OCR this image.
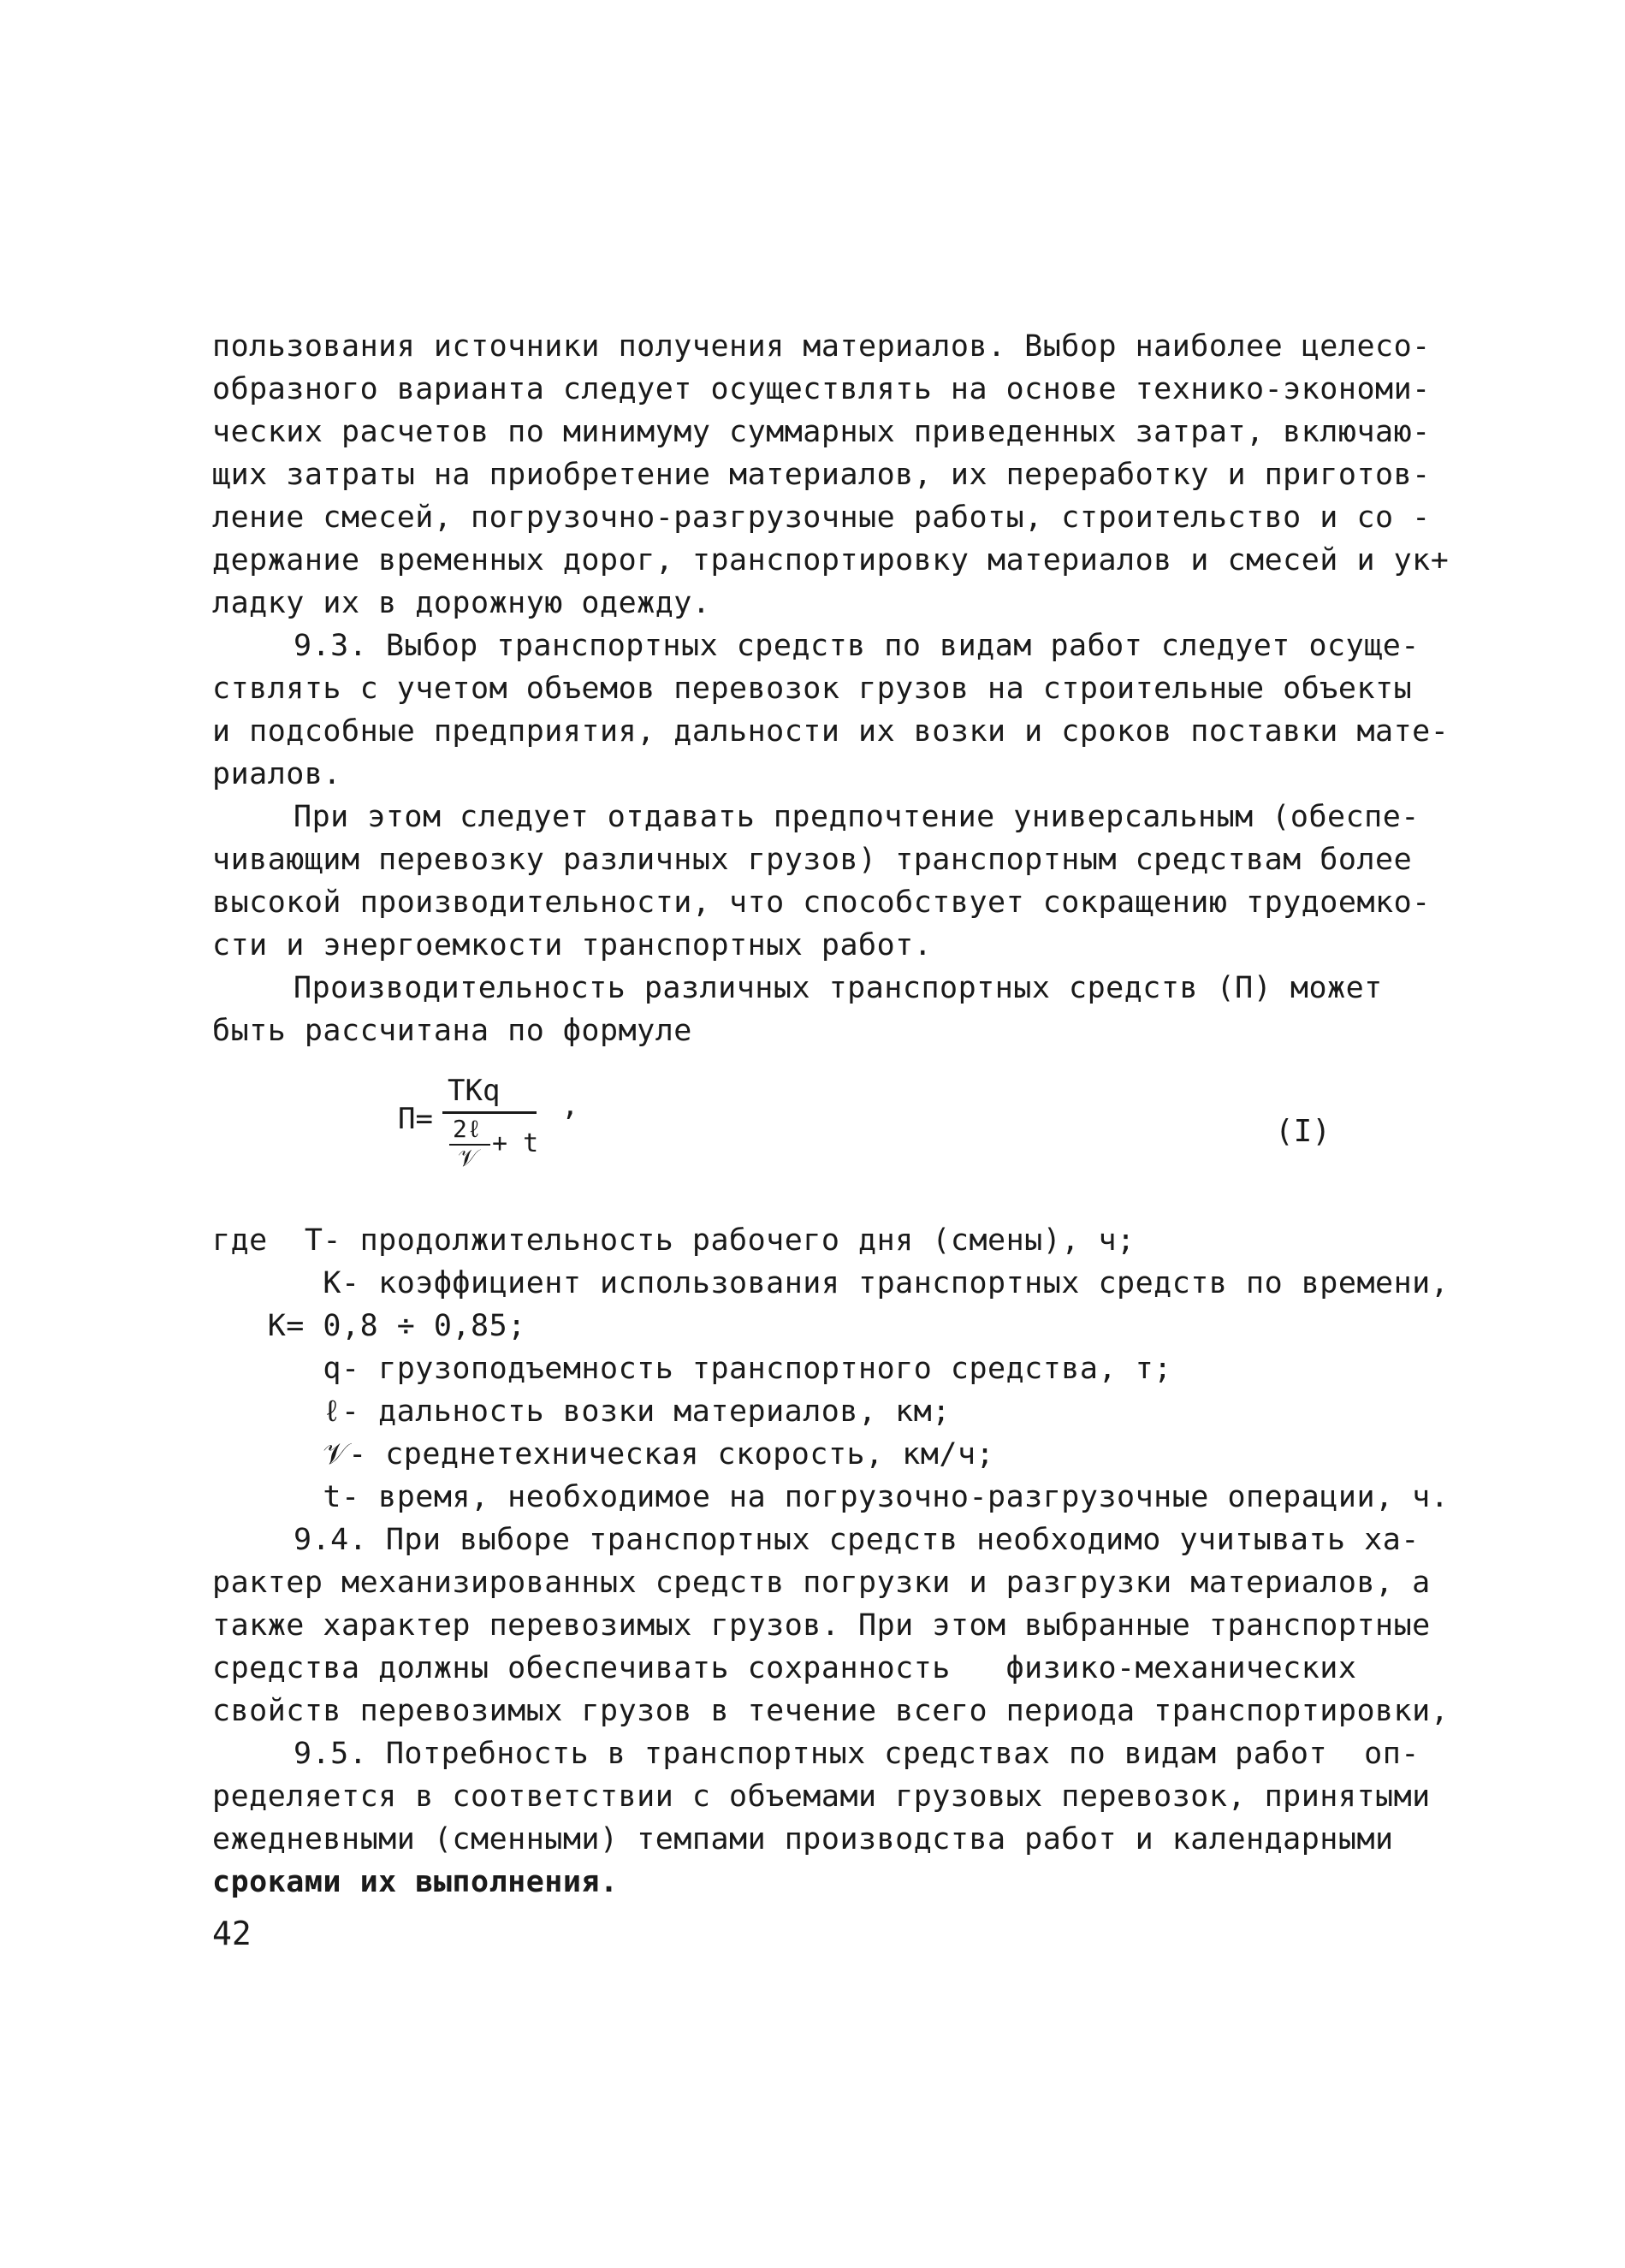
пользования источники получения материалов. Выбор наиболее целесо-
образного варианта следует осуществлять на основе технико-экономи-
ческих расчетов по минимуму суммарных приведенных затрат, включаю-
щих затраты на приобретение материалов, их переработку и приготов-
ление смесей, погрузочно-разгрузочные работы, строительство и со -
держание временных дорог, транспортировку материалов и смесей и ук+
ладку их в дорожную одежду.
9.3. Выбор транспортных средств по видам работ следует осуще-
ствлять с учетом объемов перевозок грузов на строительные объекты
и подсобные предприятия, дальности их возки и сроков поставки мате-
риалов.
При этом следует отдавать предпочтение универсальным (обеспе-
чивающим перевозку различных грузов) транспортным средствам более
высокой производительности, что способствует сокращению трудоемко-
сти и энергоемкости транспортных работ.
Производительность различных транспортных средств (П) может
быть рассчитана по формуле
П=
TKq
2ℓ
𝒱 + t
,
(I)
где  T- продолжительность рабочего дня (смены), ч;
K- коэффициент использования транспортных средств по времени,
K= 0,8 ÷ 0,85;
q- грузоподъемность транспортного средства, т;
ℓ- дальность возки материалов, км;
𝒱- среднетехническая скорость, км/ч;
t- время, необходимое на погрузочно-разгрузочные операции, ч.
9.4. При выборе транспортных средств необходимо учитывать ха-
рактер механизированных средств погрузки и разгрузки материалов, а
также характер перевозимых грузов. При этом выбранные транспортные
средства должны обеспечивать сохранность   физико-механических
свойств перевозимых грузов в течение всего периода транспортировки,
9.5. Потребность в транспортных средствах по видам работ  оп-
ределяется в соответствии с объемами грузовых перевозок, принятыми
ежедневными (сменными) темпами производства работ и календарными
сроками их выполнения.
42
